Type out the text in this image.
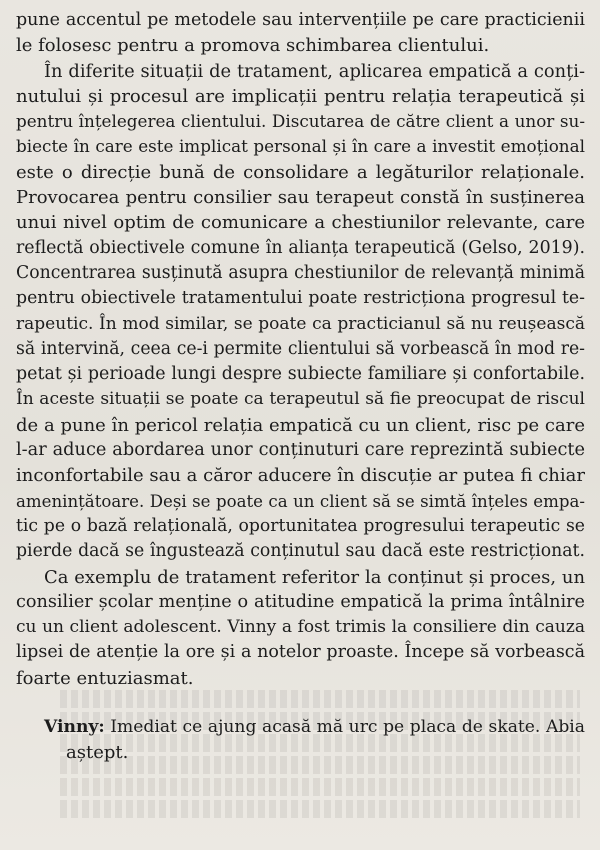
pune accentul pe metodele sau intervențiile pe care practicienii
le folosesc pentru a promova schimbarea clientului.
În diferite situații de tratament, aplicarea empatică a conți-
nutului și procesul are implicații pentru relația terapeutică și
pentru înțelegerea clientului. Discutarea de către client a unor su-
biecte în care este implicat personal și în care a investit emoțional
este o direcție bună de consolidare a legăturilor relaționale.
Provocarea pentru consilier sau terapeut constă în susținerea
unui nivel optim de comunicare a chestiunilor relevante, care
reflectă obiectivele comune în alianța terapeutică (Gelso, 2019).
Concentrarea susținută asupra chestiunilor de relevanță minimă
pentru obiectivele tratamentului poate restricționa progresul te-
rapeutic. În mod similar, se poate ca practicianul să nu reușească
să intervină, ceea ce-i permite clientului să vorbească în mod re-
petat și perioade lungi despre subiecte familiare și confortabile.
În aceste situații se poate ca terapeutul să fie preocupat de riscul
de a pune în pericol relația empatică cu un client, risc pe care
l-ar aduce abordarea unor conținuturi care reprezintă subiecte
inconfortabile sau a căror aducere în discuție ar putea fi chiar
amenințătoare. Deși se poate ca un client să se simtă înțeles empa-
tic pe o bază relațională, oportunitatea progresului terapeutic se
pierde dacă se îngustează conținutul sau dacă este restricționat.
Ca exemplu de tratament referitor la conținut și proces, un
consilier școlar menține o atitudine empatică la prima întâlnire
cu un client adolescent. Vinny a fost trimis la consiliere din cauza
lipsei de atenție la ore și a notelor proaste. Începe să vorbească
foarte entuziasmat.
Vinny: Imediat ce ajung acasă mă urc pe placa de skate. Abia
aștept.
